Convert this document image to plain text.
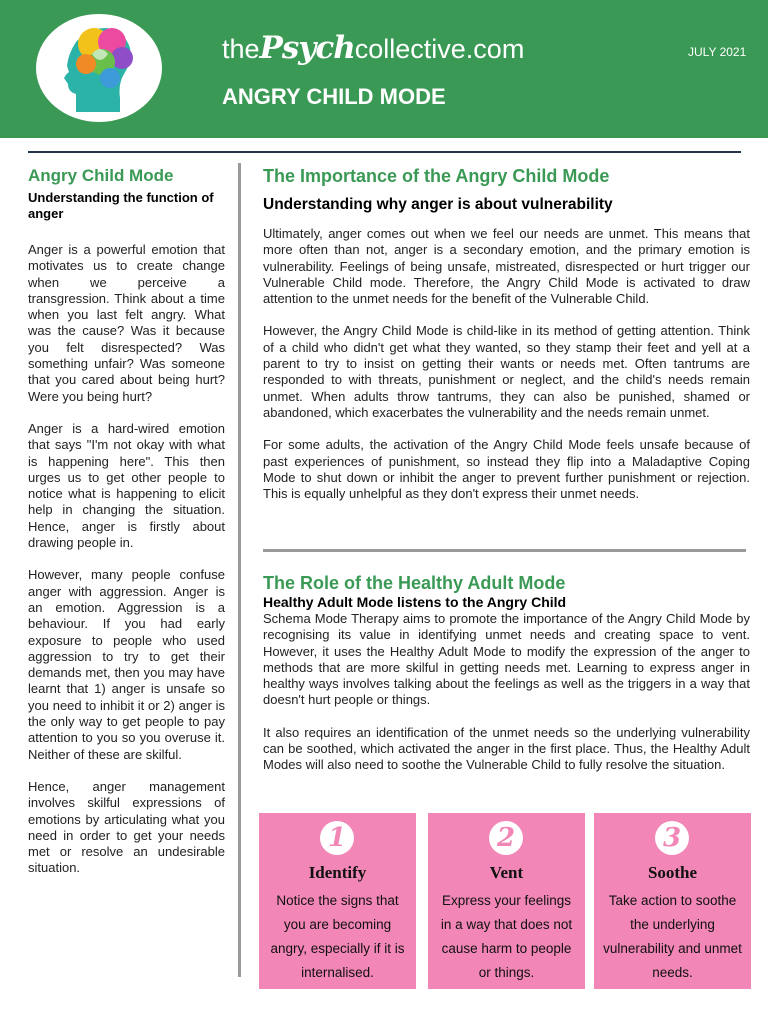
thePsychcollective.com	JULY 2021
ANGRY CHILD MODE
Angry Child Mode
Understanding the function of anger

Anger is a powerful emotion that motivates us to create change when we perceive a transgression. Think about a time when you last felt angry. What was the cause? Was it because you felt disrespected? Was something unfair? Was someone that you cared about being hurt? Were you being hurt?

Anger is a hard-wired emotion that says "I'm not okay with what is happening here". This then urges us to get other people to notice what is happening to elicit help in changing the situation. Hence, anger is firstly about drawing people in.

However, many people confuse anger with aggression. Anger is an emotion. Aggression is a behaviour. If you had early exposure to people who used aggression to try to get their demands met, then you may have learnt that 1) anger is unsafe so you need to inhibit it or 2) anger is the only way to get people to pay attention to you so you overuse it. Neither of these are skilful.

Hence, anger management involves skilful expressions of emotions by articulating what you need in order to get your needs met or resolve an undesirable situation.

The Importance of the Angry Child Mode
Understanding why anger is about vulnerability

Ultimately, anger comes out when we feel our needs are unmet. This means that more often than not, anger is a secondary emotion, and the primary emotion is vulnerability. Feelings of being unsafe, mistreated, disrespected or hurt trigger our Vulnerable Child mode. Therefore, the Angry Child Mode is activated to draw attention to the unmet needs for the benefit of the Vulnerable Child.

However, the Angry Child Mode is child-like in its method of getting attention. Think of a child who didn't get what they wanted, so they stamp their feet and yell at a parent to try to insist on getting their wants or needs met. Often tantrums are responded to with threats, punishment or neglect, and the child's needs remain unmet. When adults throw tantrums, they can also be punished, shamed or abandoned, which exacerbates the vulnerability and the needs remain unmet.

For some adults, the activation of the Angry Child Mode feels unsafe because of past experiences of punishment, so instead they flip into a Maladaptive Coping Mode to shut down or inhibit the anger to prevent further punishment or rejection. This is equally unhelpful as they don't express their unmet needs.

The Role of the Healthy Adult Mode
Healthy Adult Mode listens to the Angry Child

Schema Mode Therapy aims to promote the importance of the Angry Child Mode by recognising its value in identifying unmet needs and creating space to vent. However, it uses the Healthy Adult Mode to modify the expression of the anger to methods that are more skilful in getting needs met. Learning to express anger in healthy ways involves talking about the feelings as well as the triggers in a way that doesn't hurt people or things.

It also requires an identification of the unmet needs so the underlying vulnerability can be soothed, which activated the anger in the first place. Thus, the Healthy Adult Modes will also need to soothe the Vulnerable Child to fully resolve the situation.

1
Identify
Notice the signs that you are becoming angry, especially if it is internalised.
2
Vent
Express your feelings in a way that does not cause harm to people or things.
3
Soothe
Take action to soothe the underlying vulnerability and unmet needs.
